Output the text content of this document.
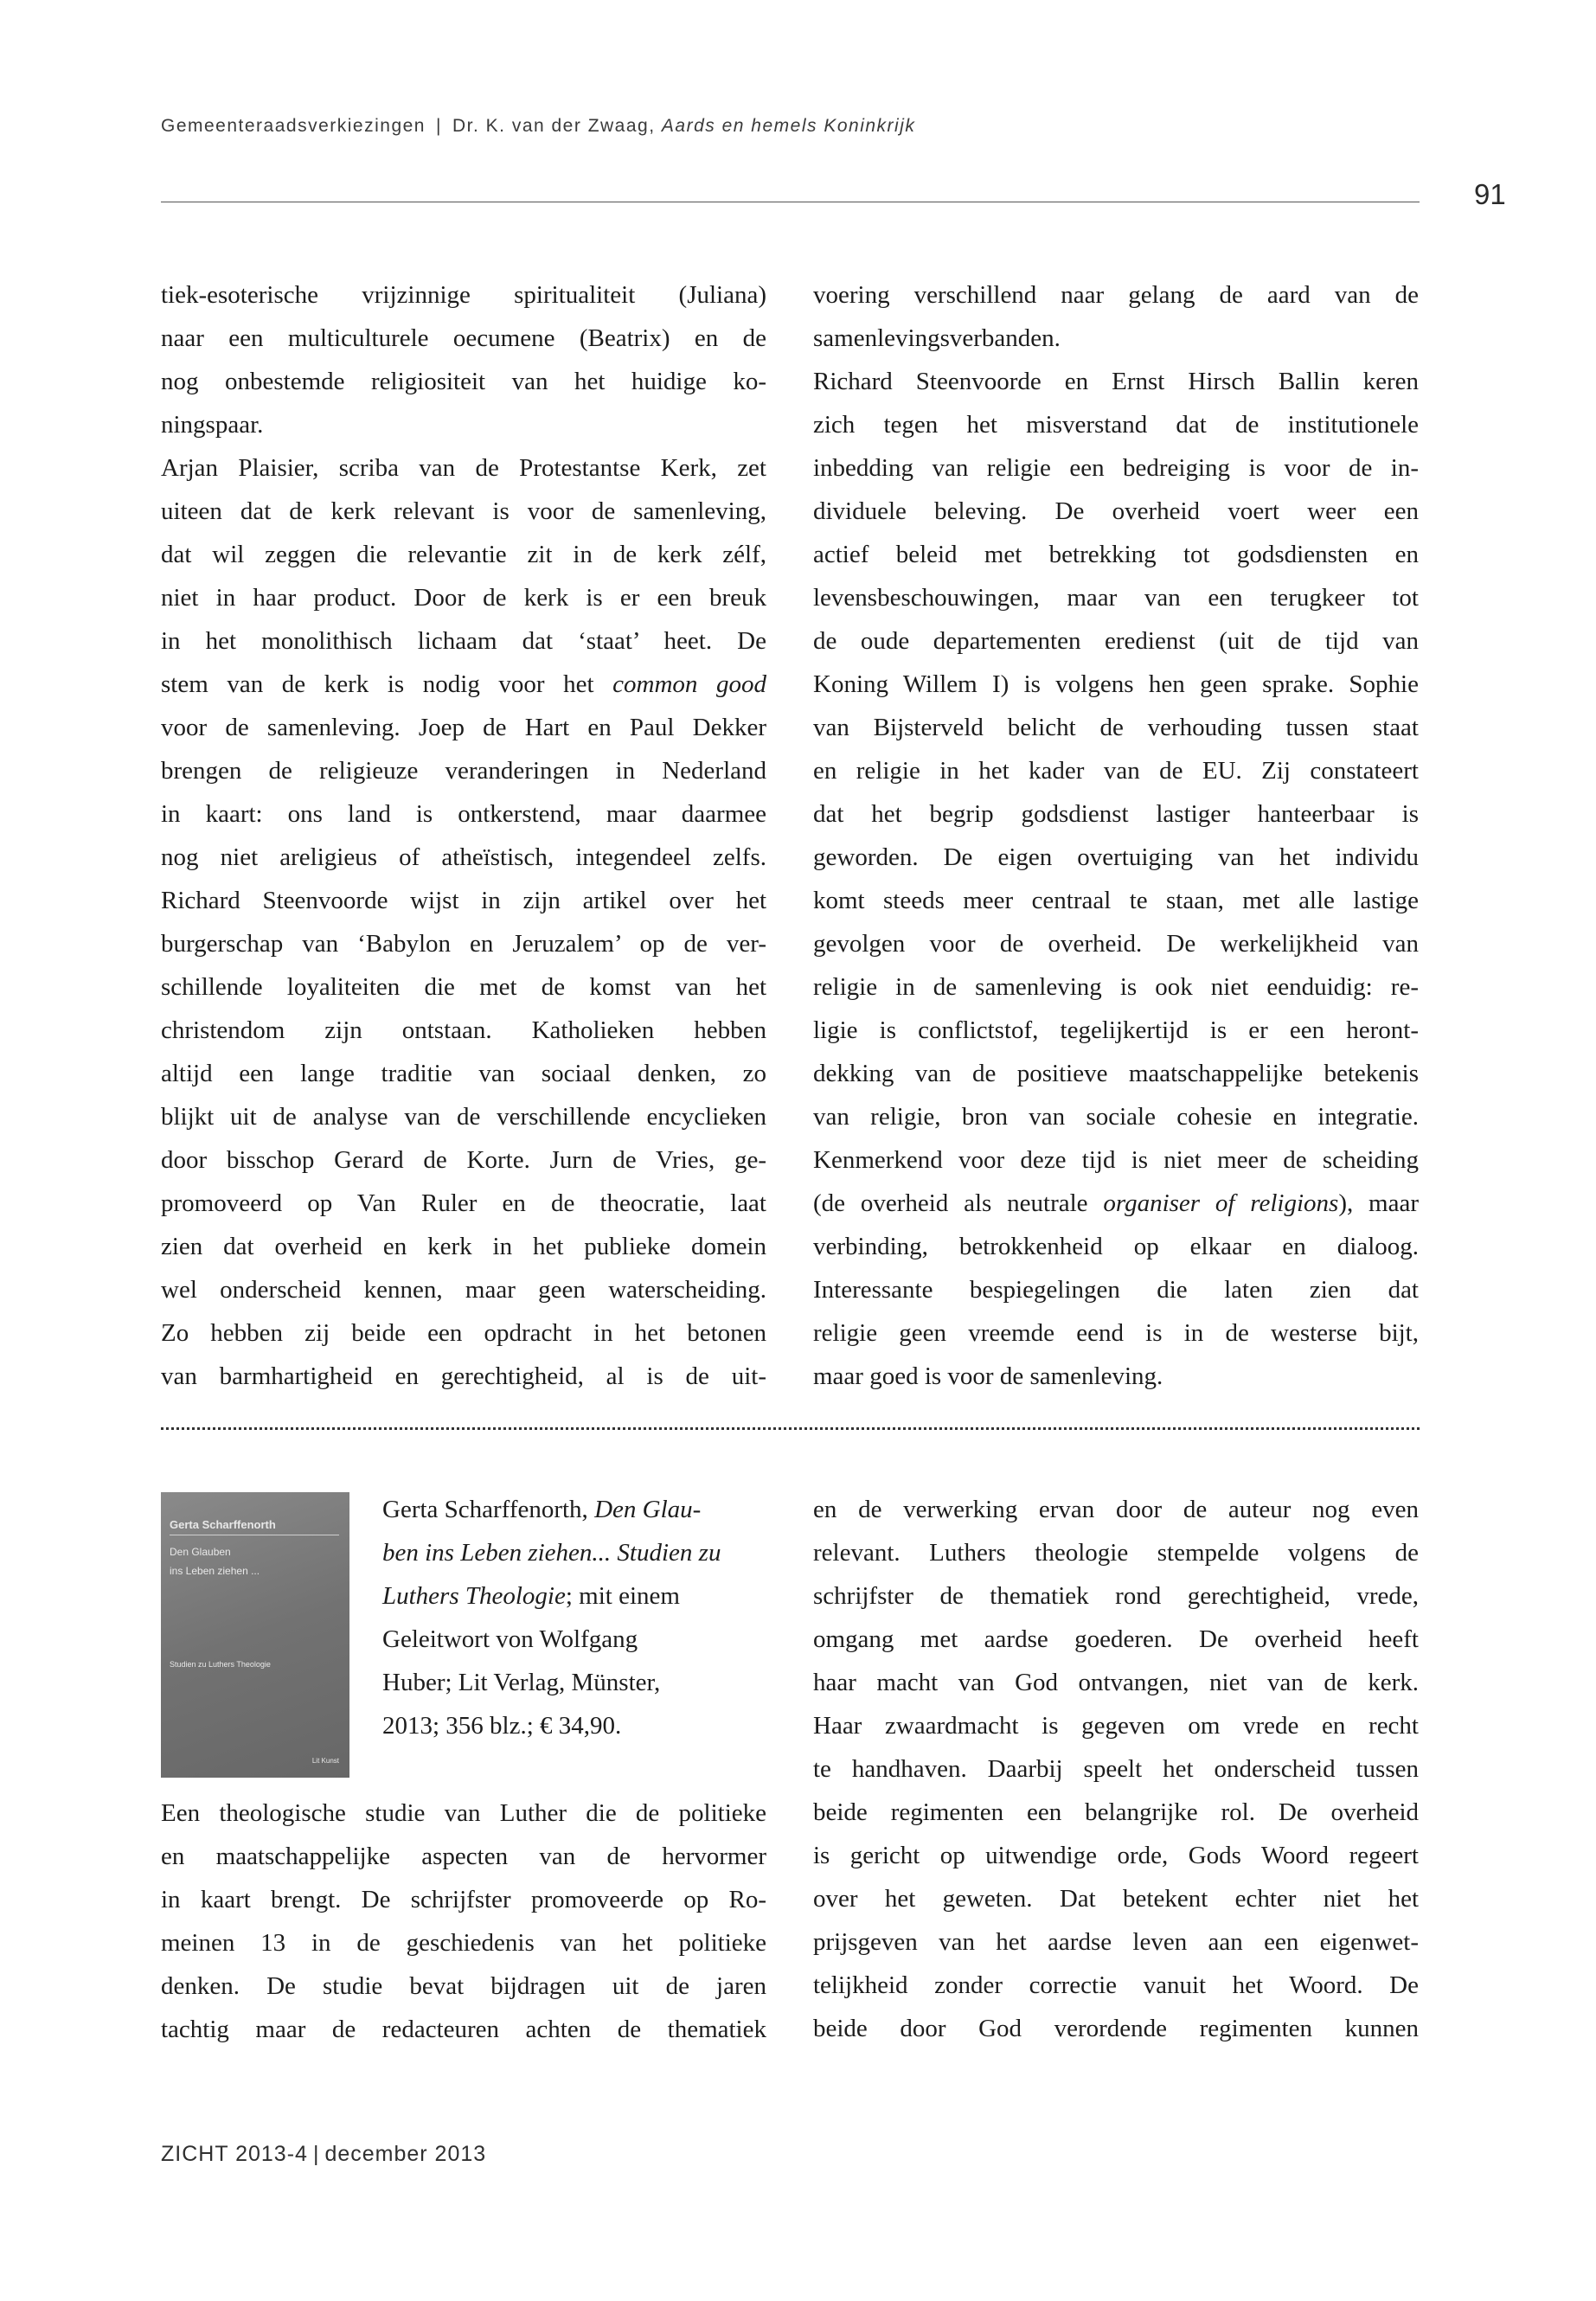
Gemeenteraadsverkiezingen | Dr. K. van der Zwaag, Aards en hemels Koninkrijk
91
tiek-esoterische vrijzinnige spiritualiteit (Juliana)
naar een multiculturele oecumene (Beatrix) en de
nog onbestemde religiositeit van het huidige ko-
ningspaar.
Arjan Plaisier, scriba van de Protestantse Kerk, zet
uiteen dat de kerk relevant is voor de samenleving,
dat wil zeggen die relevantie zit in de kerk zélf,
niet in haar product. Door de kerk is er een breuk
in het monolithisch lichaam dat ‘staat’ heet. De
stem van de kerk is nodig voor het common good
voor de samenleving. Joep de Hart en Paul Dekker
brengen de religieuze veranderingen in Nederland
in kaart: ons land is ontkerstend, maar daarmee
nog niet areligieus of atheïstisch, integendeel zelfs.
Richard Steenvoorde wijst in zijn artikel over het
burgerschap van ‘Babylon en Jeruzalem’ op de ver-
schillende loyaliteiten die met de komst van het
christendom zijn ontstaan. Katholieken hebben
altijd een lange traditie van sociaal denken, zo
blijkt uit de analyse van de verschillende encyclieken
door bisschop Gerard de Korte. Jurn de Vries, ge-
promoveerd op Van Ruler en de theocratie, laat
zien dat overheid en kerk in het publieke domein
wel onderscheid kennen, maar geen waterscheiding.
Zo hebben zij beide een opdracht in het betonen
van barmhartigheid en gerechtigheid, al is de uit-
voering verschillend naar gelang de aard van de
samenlevingsverbanden.
Richard Steenvoorde en Ernst Hirsch Ballin keren
zich tegen het misverstand dat de institutionele
inbedding van religie een bedreiging is voor de in-
dividuele beleving. De overheid voert weer een
actief beleid met betrekking tot godsdiensten en
levensbeschouwingen, maar van een terugkeer tot
de oude departementen eredienst (uit de tijd van
Koning Willem I) is volgens hen geen sprake. Sophie
van Bijsterveld belicht de verhouding tussen staat
en religie in het kader van de EU. Zij constateert
dat het begrip godsdienst lastiger hanteerbaar is
geworden. De eigen overtuiging van het individu
komt steeds meer centraal te staan, met alle lastige
gevolgen voor de overheid. De werkelijkheid van
religie in de samenleving is ook niet eenduidig: re-
ligie is conflictstof, tegelijkertijd is er een heront-
dekking van de positieve maatschappelijke betekenis
van religie, bron van sociale cohesie en integratie.
Kenmerkend voor deze tijd is niet meer de scheiding
(de overheid als neutrale organiser of religions), maar
verbinding, betrokkenheid op elkaar en dialoog.
Interessante bespiegelingen die laten zien dat
religie geen vreemde eend is in de westerse bijt,
maar goed is voor de samenleving.
Gerta Scharffenorth
Den Glauben
ins Leben ziehen ...
Studien zu Luthers Theologie
Lit Kunst
Gerta Scharffenorth, Den Glau-
ben ins Leben ziehen... Studien zu
Luthers Theologie; mit einem
Geleitwort von Wolfgang
Huber; Lit Verlag, Münster,
2013; 356 blz.; € 34,90.
Een theologische studie van Luther die de politieke
en maatschappelijke aspecten van de hervormer
in kaart brengt. De schrijfster promoveerde op Ro-
meinen 13 in de geschiedenis van het politieke
denken. De studie bevat bijdragen uit de jaren
tachtig maar de redacteuren achten de thematiek
en de verwerking ervan door de auteur nog even
relevant. Luthers theologie stempelde volgens de
schrijfster de thematiek rond gerechtigheid, vrede,
omgang met aardse goederen. De overheid heeft
haar macht van God ontvangen, niet van de kerk.
Haar zwaardmacht is gegeven om vrede en recht
te handhaven. Daarbij speelt het onderscheid tussen
beide regimenten een belangrijke rol. De overheid
is gericht op uitwendige orde, Gods Woord regeert
over het geweten. Dat betekent echter niet het
prijsgeven van het aardse leven aan een eigenwet-
telijkheid zonder correctie vanuit het Woord. De
beide door God verordende regimenten kunnen
ZICHT 2013-4 | december 2013
